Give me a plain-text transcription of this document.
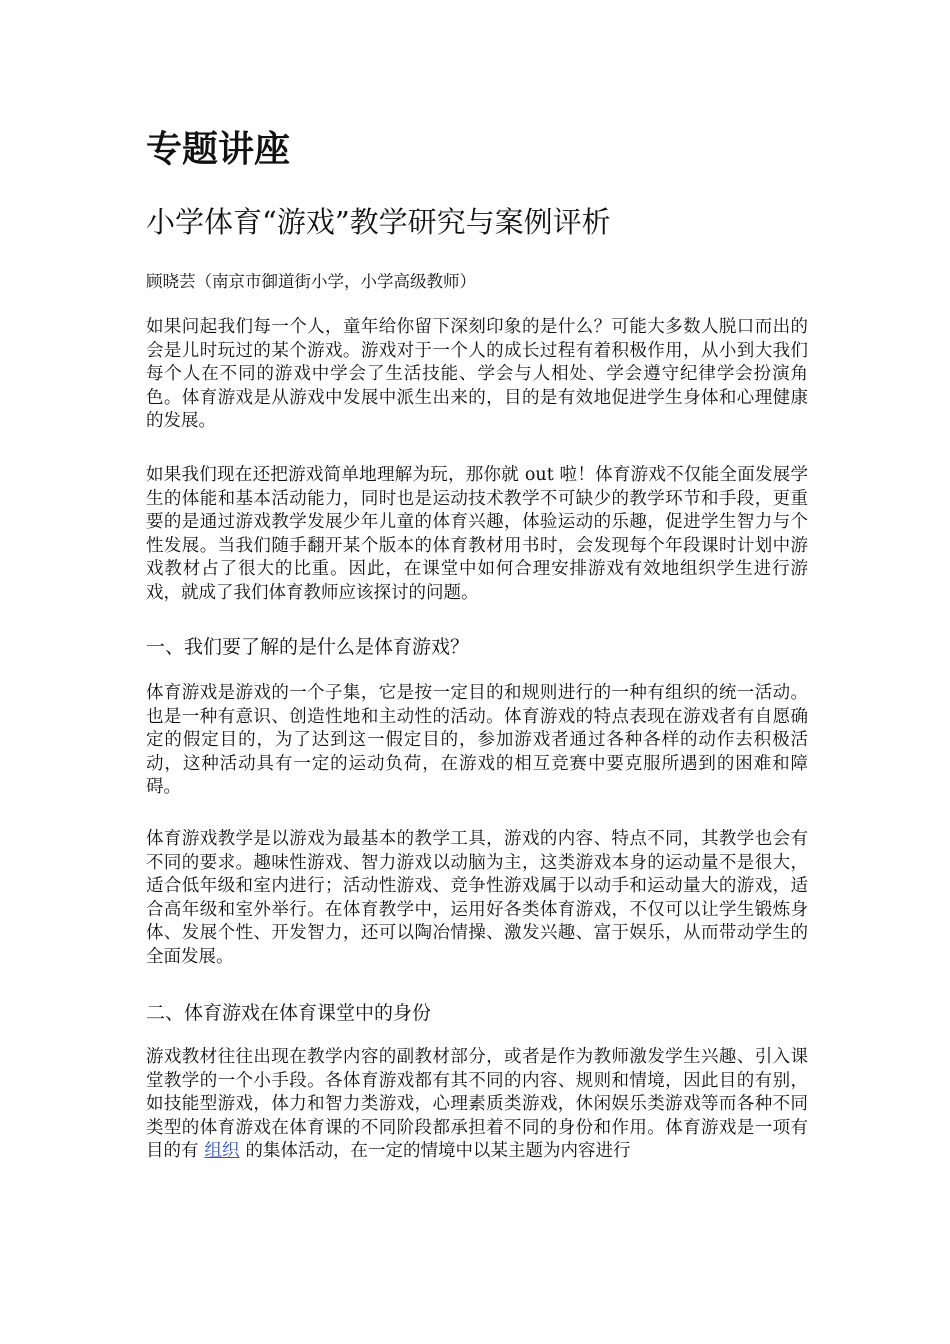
专题讲座
小学体育“游戏”教学研究与案例评析

顾晓芸（南京市御道街小学，小学高级教师）

如果问起我们每一个人，童年给你留下深刻印象的是什么？可能大多数人脱口而出的会是儿时玩过的某个游戏。游戏对于一个人的成长过程有着积极作用，从小到大我们每个人在不同的游戏中学会了生活技能、学会与人相处、学会遵守纪律学会扮演角色。体育游戏是从游戏中发展中派生出来的，目的是有效地促进学生身体和心理健康的发展。

如果我们现在还把游戏简单地理解为玩，那你就 out 啦！体育游戏不仅能全面发展学生的体能和基本活动能力，同时也是运动技术教学不可缺少的教学环节和手段，更重要的是通过游戏教学发展少年儿童的体育兴趣，体验运动的乐趣，促进学生智力与个性发展。当我们随手翻开某个版本的体育教材用书时，会发现每个年段课时计划中游戏教材占了很大的比重。因此，在课堂中如何合理安排游戏有效地组织学生进行游戏，就成了我们体育教师应该探讨的问题。

一、我们要了解的是什么是体育游戏？

体育游戏是游戏的一个子集，它是按一定目的和规则进行的一种有组织的统一活动。也是一种有意识、创造性地和主动性的活动。体育游戏的特点表现在游戏者有自愿确定的假定目的，为了达到这一假定目的，参加游戏者通过各种各样的动作去积极活动，这种活动具有一定的运动负荷，在游戏的相互竞赛中要克服所遇到的困难和障碍。

体育游戏教学是以游戏为最基本的教学工具，游戏的内容、特点不同，其教学也会有不同的要求。趣味性游戏、智力游戏以动脑为主，这类游戏本身的运动量不是很大，适合低年级和室内进行；活动性游戏、竞争性游戏属于以动手和运动量大的游戏，适合高年级和室外举行。在体育教学中，运用好各类体育游戏，不仅可以让学生锻炼身体、发展个性、开发智力，还可以陶冶情操、激发兴趣、富于娱乐，从而带动学生的全面发展。

二、体育游戏在体育课堂中的身份

游戏教材往往出现在教学内容的副教材部分，或者是作为教师激发学生兴趣、引入课堂教学的一个小手段。各体育游戏都有其不同的内容、规则和情境，因此目的有别，如技能型游戏，体力和智力类游戏，心理素质类游戏，休闲娱乐类游戏等而各种不同类型的体育游戏在体育课的不同阶段都承担着不同的身份和作用。体育游戏是一项有目的有 组织 的集体活动，在一定的情境中以某主题为内容进行
